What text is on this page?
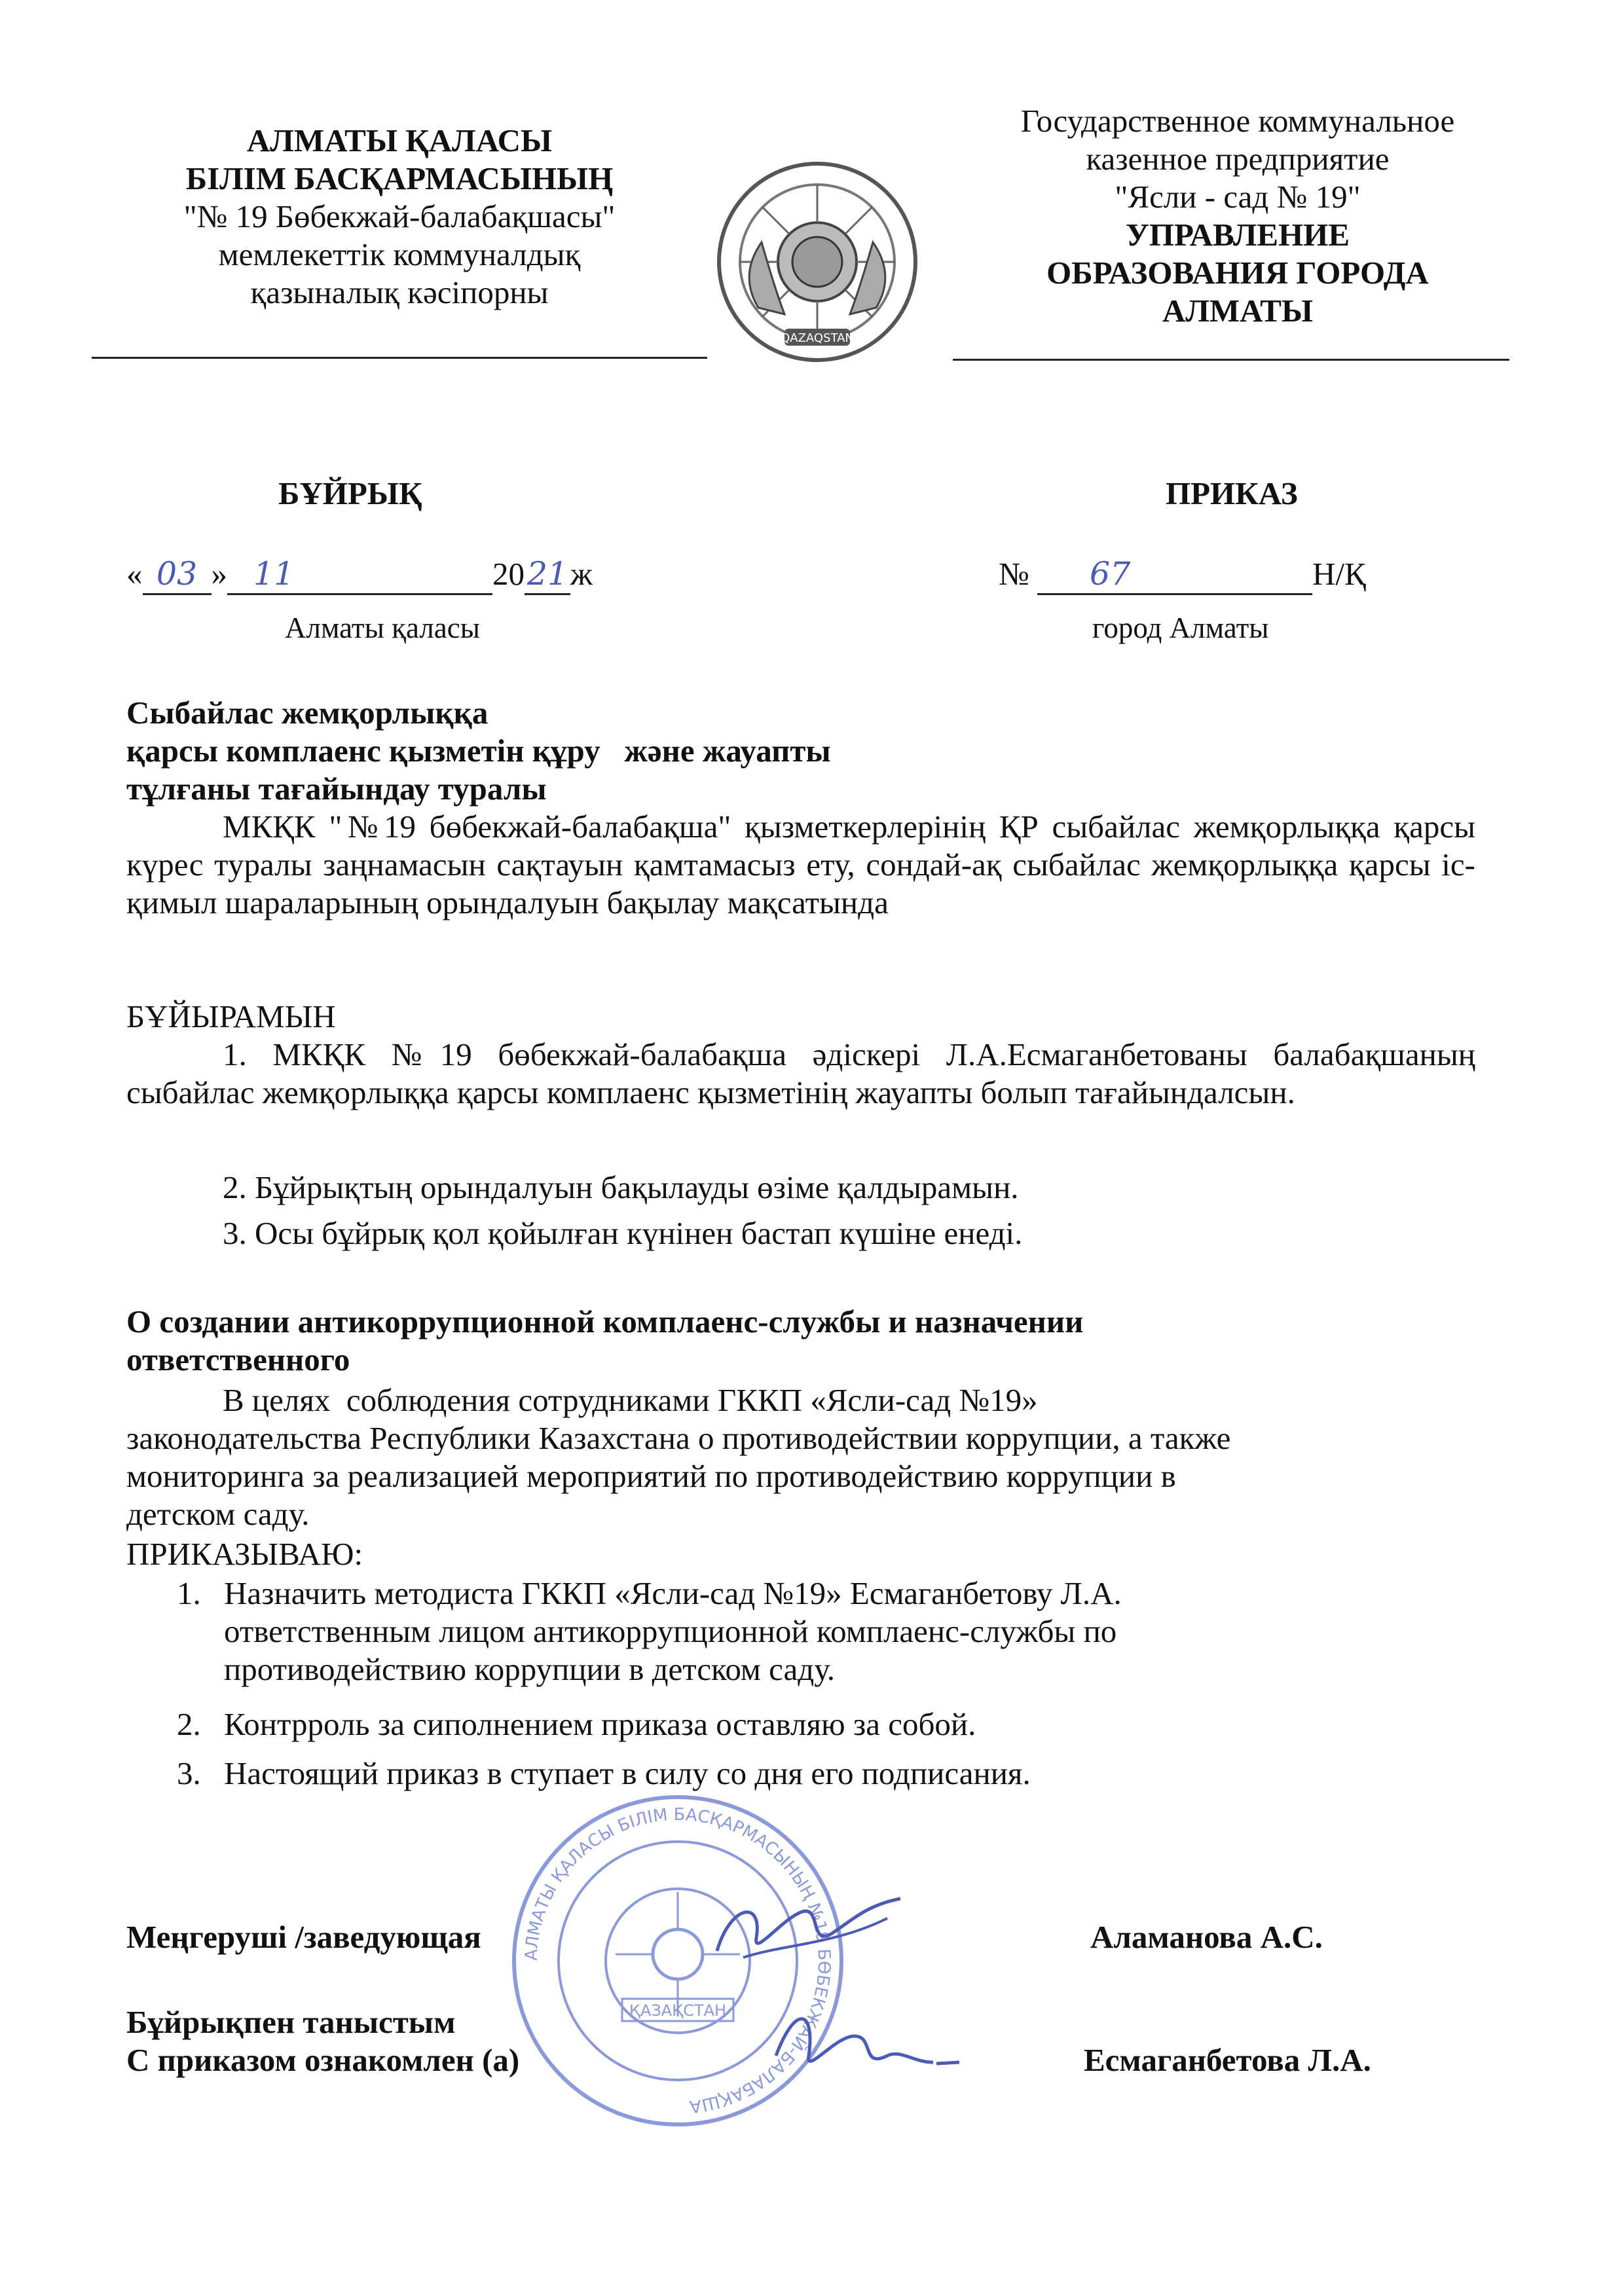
АЛМАТЫ ҚАЛАСЫ
БІЛІМ БАСҚАРМАСЫНЫҢ
"№ 19 Бөбекжай-балабақшасы"
мемлекеттік коммуналдық
қазыналық кәсіпорны
QAZAQSTAN
Государственное коммунальное
казенное предприятие
"Ясли - сад № 19"
УПРАВЛЕНИЕ
ОБРАЗОВАНИЯ ГОРОДА
АЛМАТЫ
БҰЙРЫҚ	ПРИКАЗ
« 03 » 11	2021ж	№ 67	Н/Қ
Алматы қаласы	город Алматы
Сыбайлас жемқорлыққа
қарсы комплаенс қызметін құру   және жауапты
тұлғаны тағайындау туралы
МКҚК "№19 бөбекжай-балабақша" қызметкерлерінің ҚР сыбайлас жемқорлыққа қарсы күрес туралы заңнамасын сақтауын қамтамасыз ету, сондай-ақ сыбайлас жемқорлыққа қарсы іс-қимыл шараларының орындалуын бақылау мақсатында
БҰЙЫРАМЫН
1. МКҚК №19 бөбекжай-балабақша әдіскері Л.А.Есмаганбетованы балабақшаның сыбайлас жемқорлыққа қарсы комплаенс қызметінің жауапты болып тағайындалсын.
2. Бұйрықтың орындалуын бақылауды өзіме қалдырамын.
3. Осы бұйрық қол қойылған күнінен бастап күшіне енеді.
О создании антикоррупционной комплаенс-службы и назначении
ответственного
В целях  соблюдения сотрудниками ГККП «Ясли-сад №19»
законодательства Республики Казахстана о противодействии коррупции, а также
мониторинга за реализацией мероприятий по противодействию коррупции в
детском саду.
ПРИКАЗЫВАЮ:
1. Назначить методиста ГККП «Ясли-сад №19» Есмаганбетову Л.А.
ответственным лицом антикоррупционной комплаенс-службы по
противодействию коррупции в детском саду.
2. Контрроль за сиполнением приказа оставляю за собой.
3. Настоящий приказ в ступает в силу со дня его подписания.
АЛМАТЫ ҚАЛАСЫ БІЛІМ БАСҚАРМАСЫНЫҢ №19 БӨБЕКЖАЙ-БАЛАБАҚША
ҚАЗАҚСТАН
Меңгеруші /заведующая	Аламанова А.С.
Бұйрықпен таныстым
С приказом ознакомлен (а)	Есмаганбетова Л.А.
